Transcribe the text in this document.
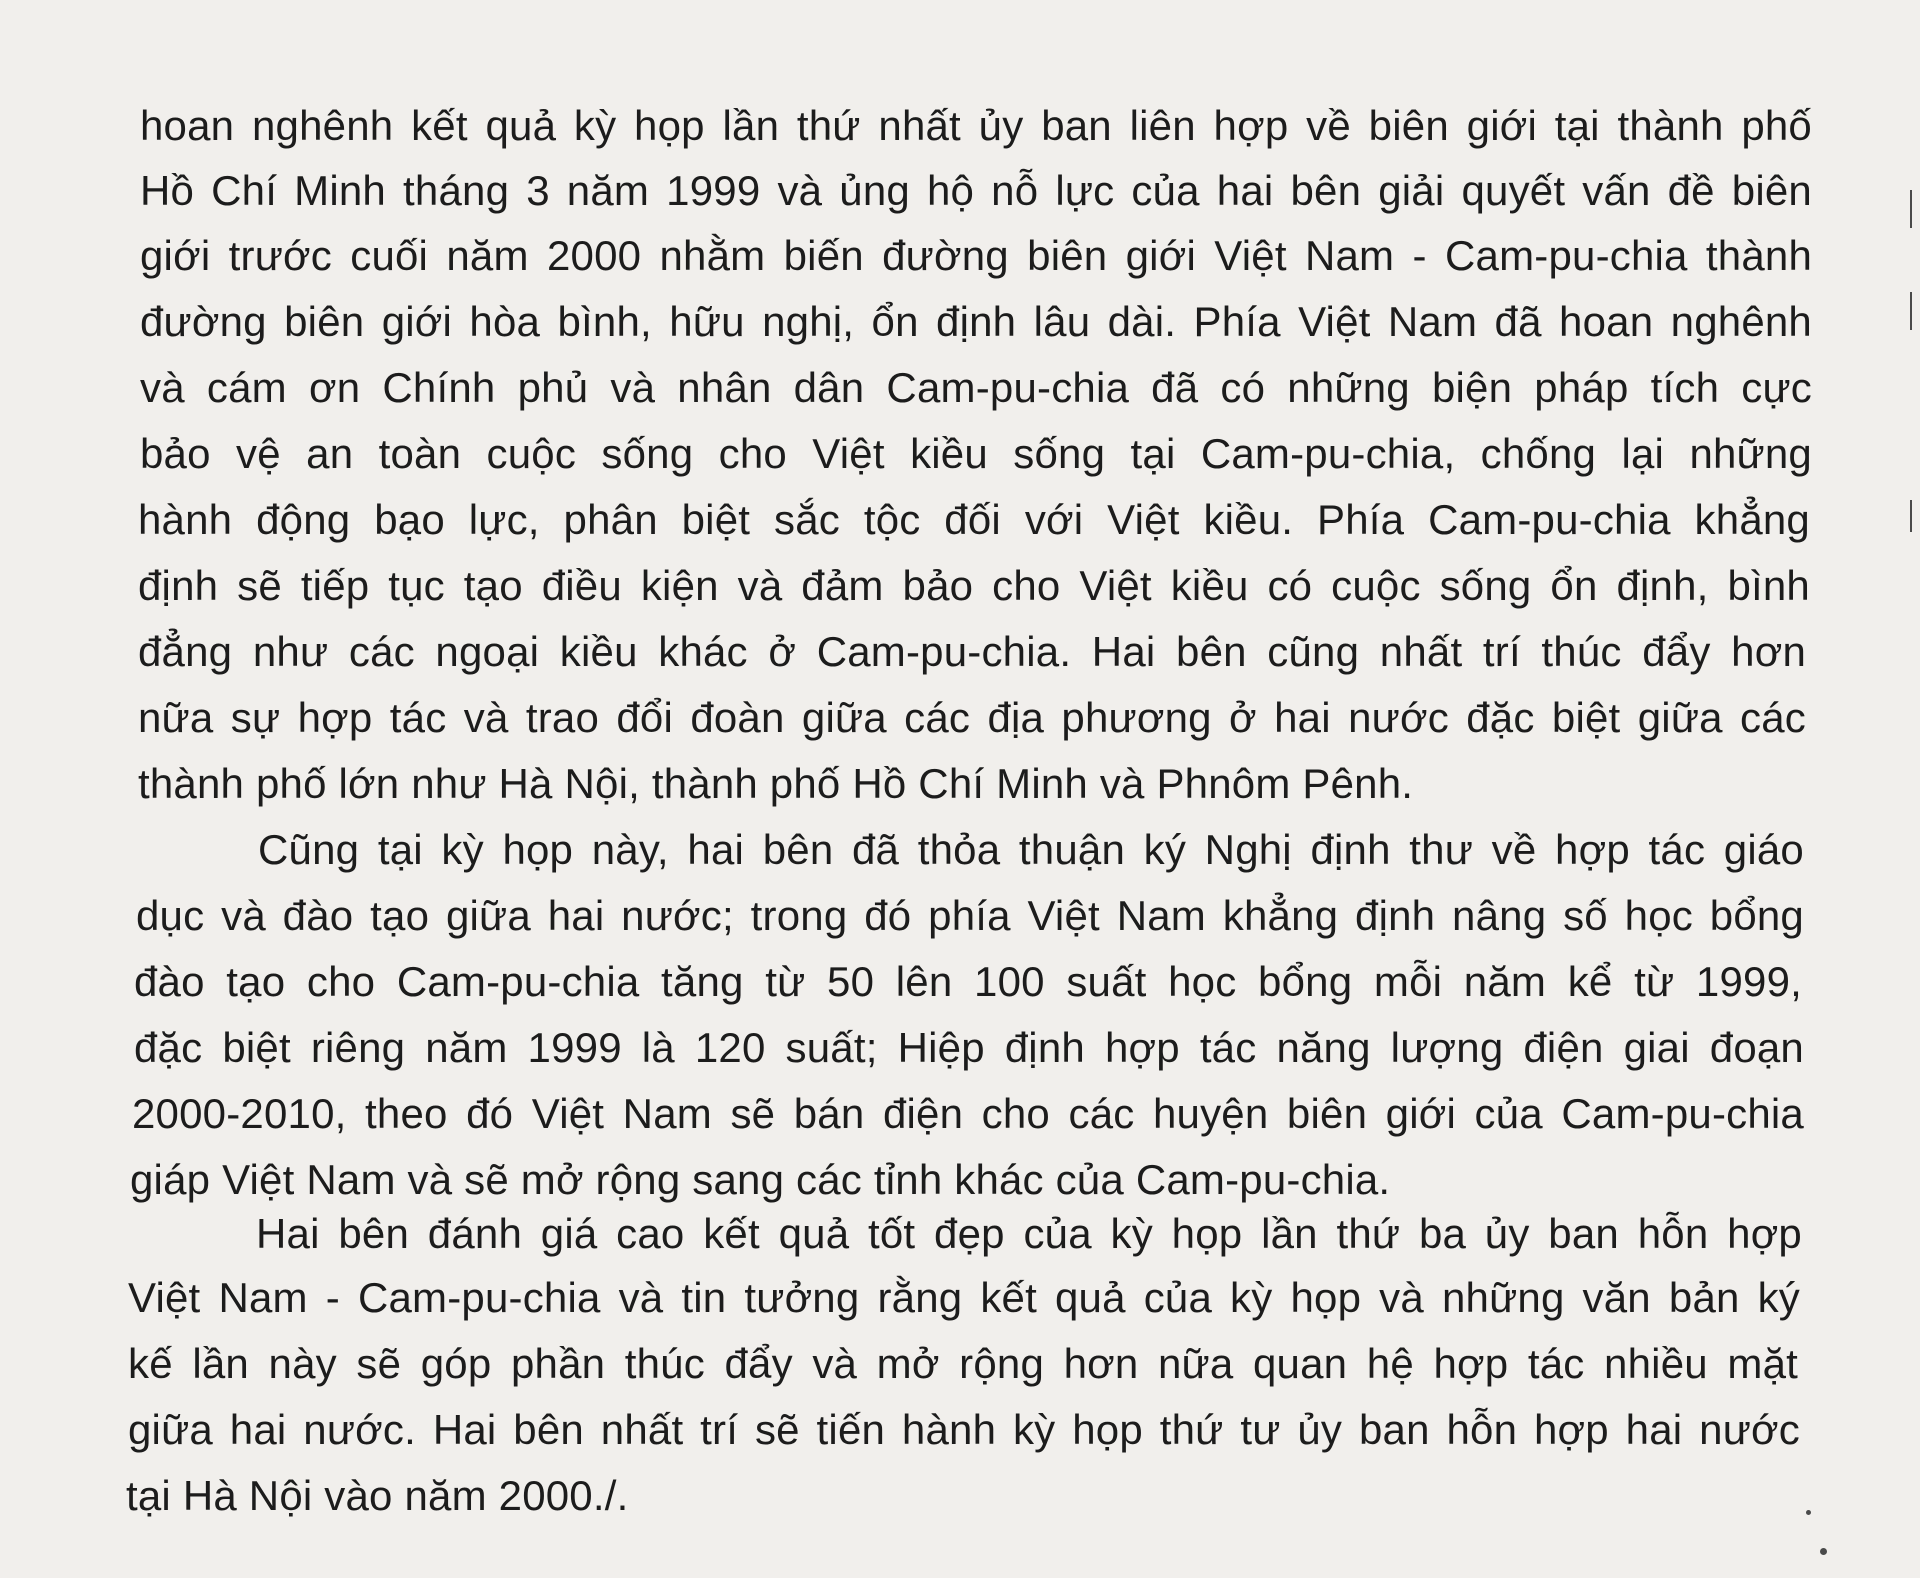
hoan nghênh kết quả kỳ họp lần thứ nhất ủy ban liên hợp về biên giới tại thành phố
Hồ Chí Minh tháng 3 năm 1999 và ủng hộ nỗ lực của hai bên giải quyết vấn đề biên
giới trước cuối năm 2000 nhằm biến đường biên giới Việt Nam - Cam-pu-chia thành
đường biên giới hòa bình, hữu nghị, ổn định lâu dài. Phía Việt Nam đã hoan nghênh
và cám ơn Chính phủ và nhân dân Cam-pu-chia đã có những biện pháp tích cực
bảo vệ an toàn cuộc sống cho Việt kiều sống tại Cam-pu-chia, chống lại những
hành động bạo lực, phân biệt sắc tộc đối với Việt kiều. Phía Cam-pu-chia khẳng
định sẽ tiếp tục tạo điều kiện và đảm bảo cho Việt kiều có cuộc sống ổn định, bình
đẳng như các ngoại kiều khác ở Cam-pu-chia. Hai bên cũng nhất trí thúc đẩy hơn
nữa sự hợp tác và trao đổi đoàn giữa các địa phương ở hai nước đặc biệt giữa các
thành phố lớn như Hà Nội, thành phố Hồ Chí Minh và Phnôm Pênh.
Cũng tại kỳ họp này, hai bên đã thỏa thuận ký Nghị định thư về hợp tác giáo
dục và đào tạo giữa hai nước; trong đó phía Việt Nam khẳng định nâng số học bổng
đào tạo cho Cam-pu-chia tăng từ 50 lên 100 suất học bổng mỗi năm kể từ 1999,
đặc biệt riêng năm 1999 là 120 suất; Hiệp định hợp tác năng lượng điện giai đoạn
2000-2010, theo đó Việt Nam sẽ bán điện cho các huyện biên giới của Cam-pu-chia
giáp Việt Nam và sẽ mở rộng sang các tỉnh khác của Cam-pu-chia.
Hai bên đánh giá cao kết quả tốt đẹp của kỳ họp lần thứ ba ủy ban hỗn hợp
Việt Nam - Cam-pu-chia và tin tưởng rằng kết quả của kỳ họp và những văn bản ký
kế lần này sẽ góp phần thúc đẩy và mở rộng hơn nữa quan hệ hợp tác nhiều mặt
giữa hai nước. Hai bên nhất trí sẽ tiến hành kỳ họp thứ tư ủy ban hỗn hợp hai nước
tại Hà Nội vào năm 2000./.
